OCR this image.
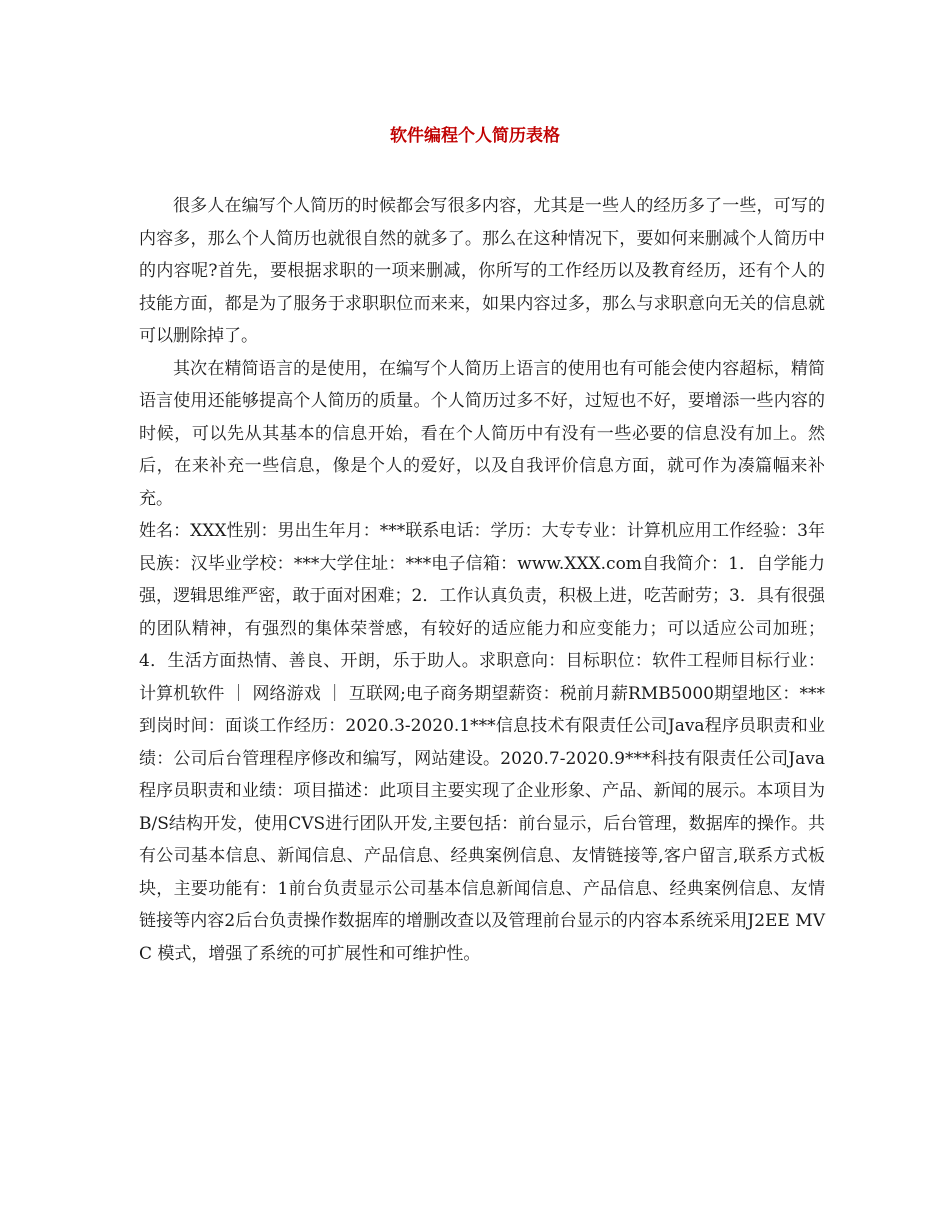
软件编程个人简历表格

很多人在编写个人简历的时候都会写很多内容，尤其是一些人的经历多了一些，可写的内容多，那么个人简历也就很自然的就多了。那么在这种情况下，要如何来删减个人简历中的内容呢?首先，要根据求职的一项来删减，你所写的工作经历以及教育经历，还有个人的技能方面，都是为了服务于求职职位而来来，如果内容过多，那么与求职意向无关的信息就可以删除掉了。

其次在精简语言的是使用，在编写个人简历上语言的使用也有可能会使内容超标，精简语言使用还能够提高个人简历的质量。个人简历过多不好，过短也不好，要增添一些内容的时候，可以先从其基本的信息开始，看在个人简历中有没有一些必要的信息没有加上。然后，在来补充一些信息，像是个人的爱好，以及自我评价信息方面，就可作为凑篇幅来补充。

姓名：XXX性别：男出生年月：***联系电话：学历：大专专业：计算机应用工作经验：3年民族：汉毕业学校：***大学住址：***电子信箱：www.XXX.com自我简介：1．自学能力强，逻辑思维严密，敢于面对困难；2．工作认真负责，积极上进，吃苦耐劳；3．具有很强的团队精神，有强烈的集体荣誉感，有较好的适应能力和应变能力；可以适应公司加班；4．生活方面热情、善良、开朗，乐于助人。求职意向：目标职位：软件工程师目标行业：计算机软件 ｜ 网络游戏 ｜ 互联网;电子商务期望薪资：税前月薪RMB5000期望地区：***到岗时间：面谈工作经历：2020.3-2020.1***信息技术有限责任公司Java程序员职责和业绩：公司后台管理程序修改和编写，网站建设。2020.7-2020.9***科技有限责任公司Java程序员职责和业绩：项目描述：此项目主要实现了企业形象、产品、新闻的展示。本项目为B/S结构开发，使用CVS进行团队开发,主要包括：前台显示，后台管理，数据库的操作。共有公司基本信息、新闻信息、产品信息、经典案例信息、友情链接等,客户留言,联系方式板块，主要功能有：1前台负责显示公司基本信息新闻信息、产品信息、经典案例信息、友情链接等内容2后台负责操作数据库的增删改查以及管理前台显示的内容本系统采用J2EE MVC 模式，增强了系统的可扩展性和可维护性。
